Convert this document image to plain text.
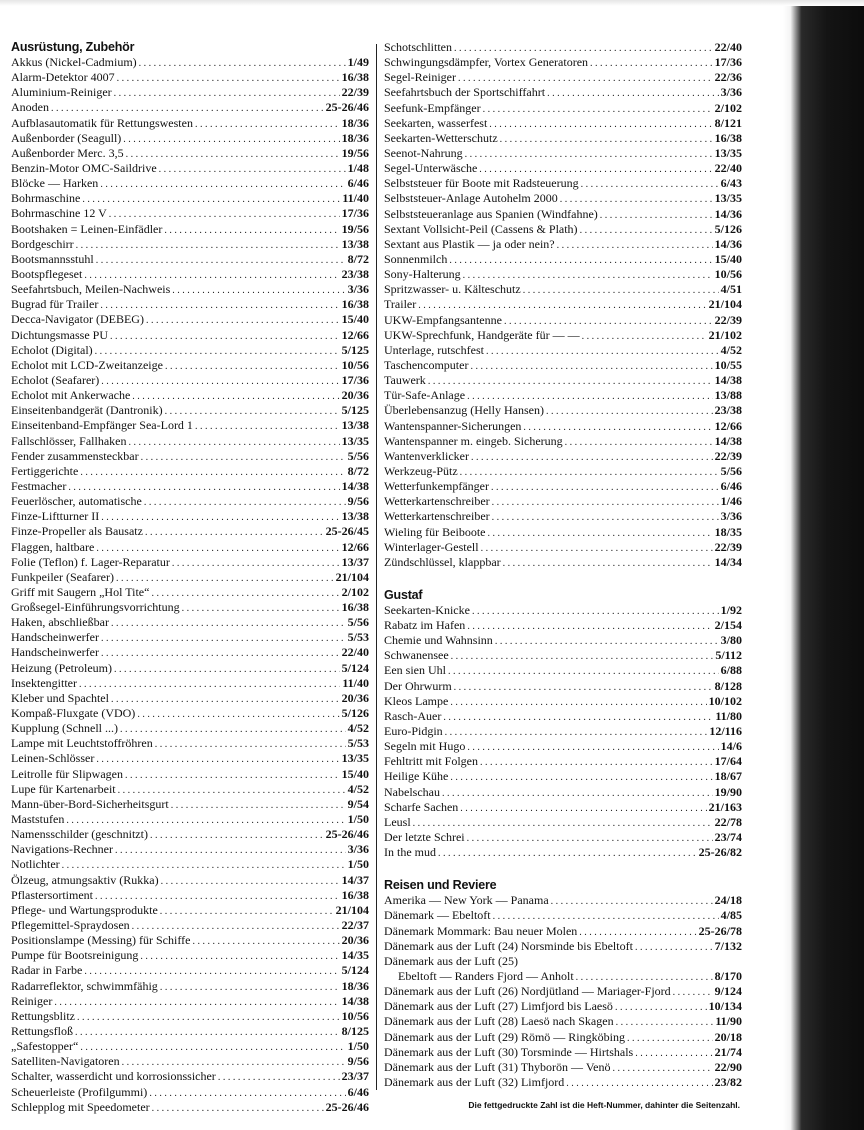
Ausrüstung, Zubehör
Akkus (Nickel-Cadmium) . . .	1/49
Alarm-Detektor 4007 . . .	16/38
Aluminium-Reiniger . . .	22/39
Anoden . . .	25-26/46
Aufblasautomatik für Rettungswesten . . .	18/36
Außenborder (Seagull) . . .	18/36
Außenborder Merc. 3,5 . . .	19/56
Benzin-Motor OMC-Saildrive . . .	1/48
Blöcke — Harken . . .	6/46
Bohrmaschine . . .	11/40
Bohrmaschine 12 V . . .	17/36
Bootshaken = Leinen-Einfädler . . .	19/56
Bordgeschirr . . .	13/38
Bootsmannsstuhl . . .	8/72
Bootspflegeset . . .	23/38
Seefahrtsbuch, Meilen-Nachweis . . .	3/36
Bugrad für Trailer . . .	16/38
Decca-Navigator (DEBEG) . . .	15/40
Dichtungsmasse PU . . .	12/66
Echolot (Digital) . . .	5/125
Echolot mit LCD-Zweitanzeige . . .	10/56
Echolot (Seafarer) . . .	17/36
Echolot mit Ankerwache . . .	20/36
Einseitenbandgerät (Dantronik) . . .	5/125
Einseitenband-Empfänger Sea-Lord 1 . . .	13/38
Fallschlösser, Fallhaken . . .	13/35
Fender zusammensteckbar . . .	5/56
Fertiggerichte . . .	8/72
Festmacher . . .	14/38
Feuerlöscher, automatische . . .	9/56
Finze-Liftturner II . . .	13/38
Finze-Propeller als Bausatz . . .	25-26/45
Flaggen, haltbare . . .	12/66
Folie (Teflon) f. Lager-Reparatur . . .	13/37
Funkpeiler (Seafarer) . . .	21/104
Griff mit Saugern „Hol Tite“ . . .	2/102
Großsegel-Einführungsvorrichtung . . .	16/38
Haken, abschließbar . . .	5/56
Handscheinwerfer . . .	5/53
Handscheinwerfer . . .	22/40
Heizung (Petroleum) . . .	5/124
Insektengitter . . .	11/40
Kleber und Spachtel . . .	20/36
Kompaß-Fluxgate (VDO) . . .	5/126
Kupplung (Schnell ...) . . .	4/52
Lampe mit Leuchtstoffröhren . . .	5/53
Leinen-Schlösser . . .	13/35
Leitrolle für Slipwagen . . .	15/40
Lupe für Kartenarbeit . . .	4/52
Mann-über-Bord-Sicherheitsgurt . . .	9/54
Maststufen . . .	1/50
Namensschilder (geschnitzt) . . .	25-26/46
Navigations-Rechner . . .	3/36
Notlichter . . .	1/50
Ölzeug, atmungsaktiv (Rukka) . . .	14/37
Pflastersortiment . . .	16/38
Pflege- und Wartungsprodukte . . .	21/104
Pflegemittel-Spraydosen . . .	22/37
Positionslampe (Messing) für Schiffe . . .	20/36
Pumpe für Bootsreinigung . . .	14/35
Radar in Farbe . . .	5/124
Radarreflektor, schwimmfähig . . .	18/36
Reiniger . . .	14/38
Rettungsblitz . . .	10/56
Rettungsfloß . . .	8/125
„Safestopper“ . . .	1/50
Satelliten-Navigatoren . . .	9/56
Schalter, wasserdicht und korrosionssicher . . .	23/37
Scheuerleiste (Profilgummi) . . .	6/46
Schlepplog mit Speedometer . . .	25-26/46
Schotschlitten . . .	22/40
Schwingungsdämpfer, Vortex Generatoren . . .	17/36
Segel-Reiniger . . .	22/36
Seefahrtsbuch der Sportschiffahrt . . .	3/36
Seefunk-Empfänger . . .	2/102
Seekarten, wasserfest . . .	8/121
Seekarten-Wetterschutz . . .	16/38
Seenot-Nahrung . . .	13/35
Segel-Unterwäsche . . .	22/40
Selbststeuer für Boote mit Radsteuerung . . .	6/43
Selbststeuer-Anlage Autohelm 2000 . . .	13/35
Selbststeueranlage aus Spanien (Windfahne) . . .	14/36
Sextant Vollsicht-Peil (Cassens & Plath) . . .	5/126
Sextant aus Plastik — ja oder nein? . . .	14/36
Sonnenmilch . . .	15/40
Sony-Halterung . . .	10/56
Spritzwasser- u. Kälteschutz . . .	4/51
Trailer . . .	21/104
UKW-Empfangsantenne . . .	22/39
UKW-Sprechfunk, Handgeräte für — — . . .	21/102
Unterlage, rutschfest . . .	4/52
Taschencomputer . . .	10/55
Tauwerk . . .	14/38
Tür-Safe-Anlage . . .	13/88
Überlebensanzug (Helly Hansen) . . .	23/38
Wantenspanner-Sicherungen . . .	12/66
Wantenspanner m. eingeb. Sicherung . . .	14/38
Wantenverklicker . . .	22/39
Werkzeug-Pütz . . .	5/56
Wetterfunkempfänger . . .	6/46
Wetterkartenschreiber . . .	1/46
Wetterkartenschreiber . . .	3/36
Wieling für Beiboote . . .	18/35
Winterlager-Gestell . . .	22/39
Zündschlüssel, klappbar . . .	14/34
Gustaf
Seekarten-Knicke . . .	1/92
Rabatz im Hafen . . .	2/154
Chemie und Wahnsinn . . .	3/80
Schwanensee . . .	5/112
Een sien Uhl . . .	6/88
Der Ohrwurm . . .	8/128
Kleos Lampe . . .	10/102
Rasch-Auer . . .	11/80
Euro-Pidgin . . .	12/116
Segeln mit Hugo . . .	14/6
Fehltritt mit Folgen . . .	17/64
Heilige Kühe . . .	18/67
Nabelschau . . .	19/90
Scharfe Sachen . . .	21/163
Leusl . . .	22/78
Der letzte Schrei . . .	23/74
In the mud . . .	25-26/82
Reisen und Reviere
Amerika — New York — Panama . . .	24/18
Dänemark — Ebeltoft . . .	4/85
Dänemark Mommark: Bau neuer Molen . . .	25-26/78
Dänemark aus der Luft (24) Norsminde bis Ebeltoft . . .	7/132
Dänemark aus der Luft (25)
Ebeltoft — Randers Fjord — Anholt . . .	8/170
Dänemark aus der Luft (26) Nordjütland — Mariager-Fjord . . .	9/124
Dänemark aus der Luft (27) Limfjord bis Laesö . . .	10/134
Dänemark aus der Luft (28) Laesö nach Skagen . . .	11/90
Dänemark aus der Luft (29) Römö — Ringköbing . . .	20/18
Dänemark aus der Luft (30) Torsminde — Hirtshals . . .	21/74
Dänemark aus der Luft (31) Thyborön — Venö . . .	22/90
Dänemark aus der Luft (32) Limfjord . . .	23/82
Die fettgedruckte Zahl ist die Heft-Nummer, dahinter die Seitenzahl.
